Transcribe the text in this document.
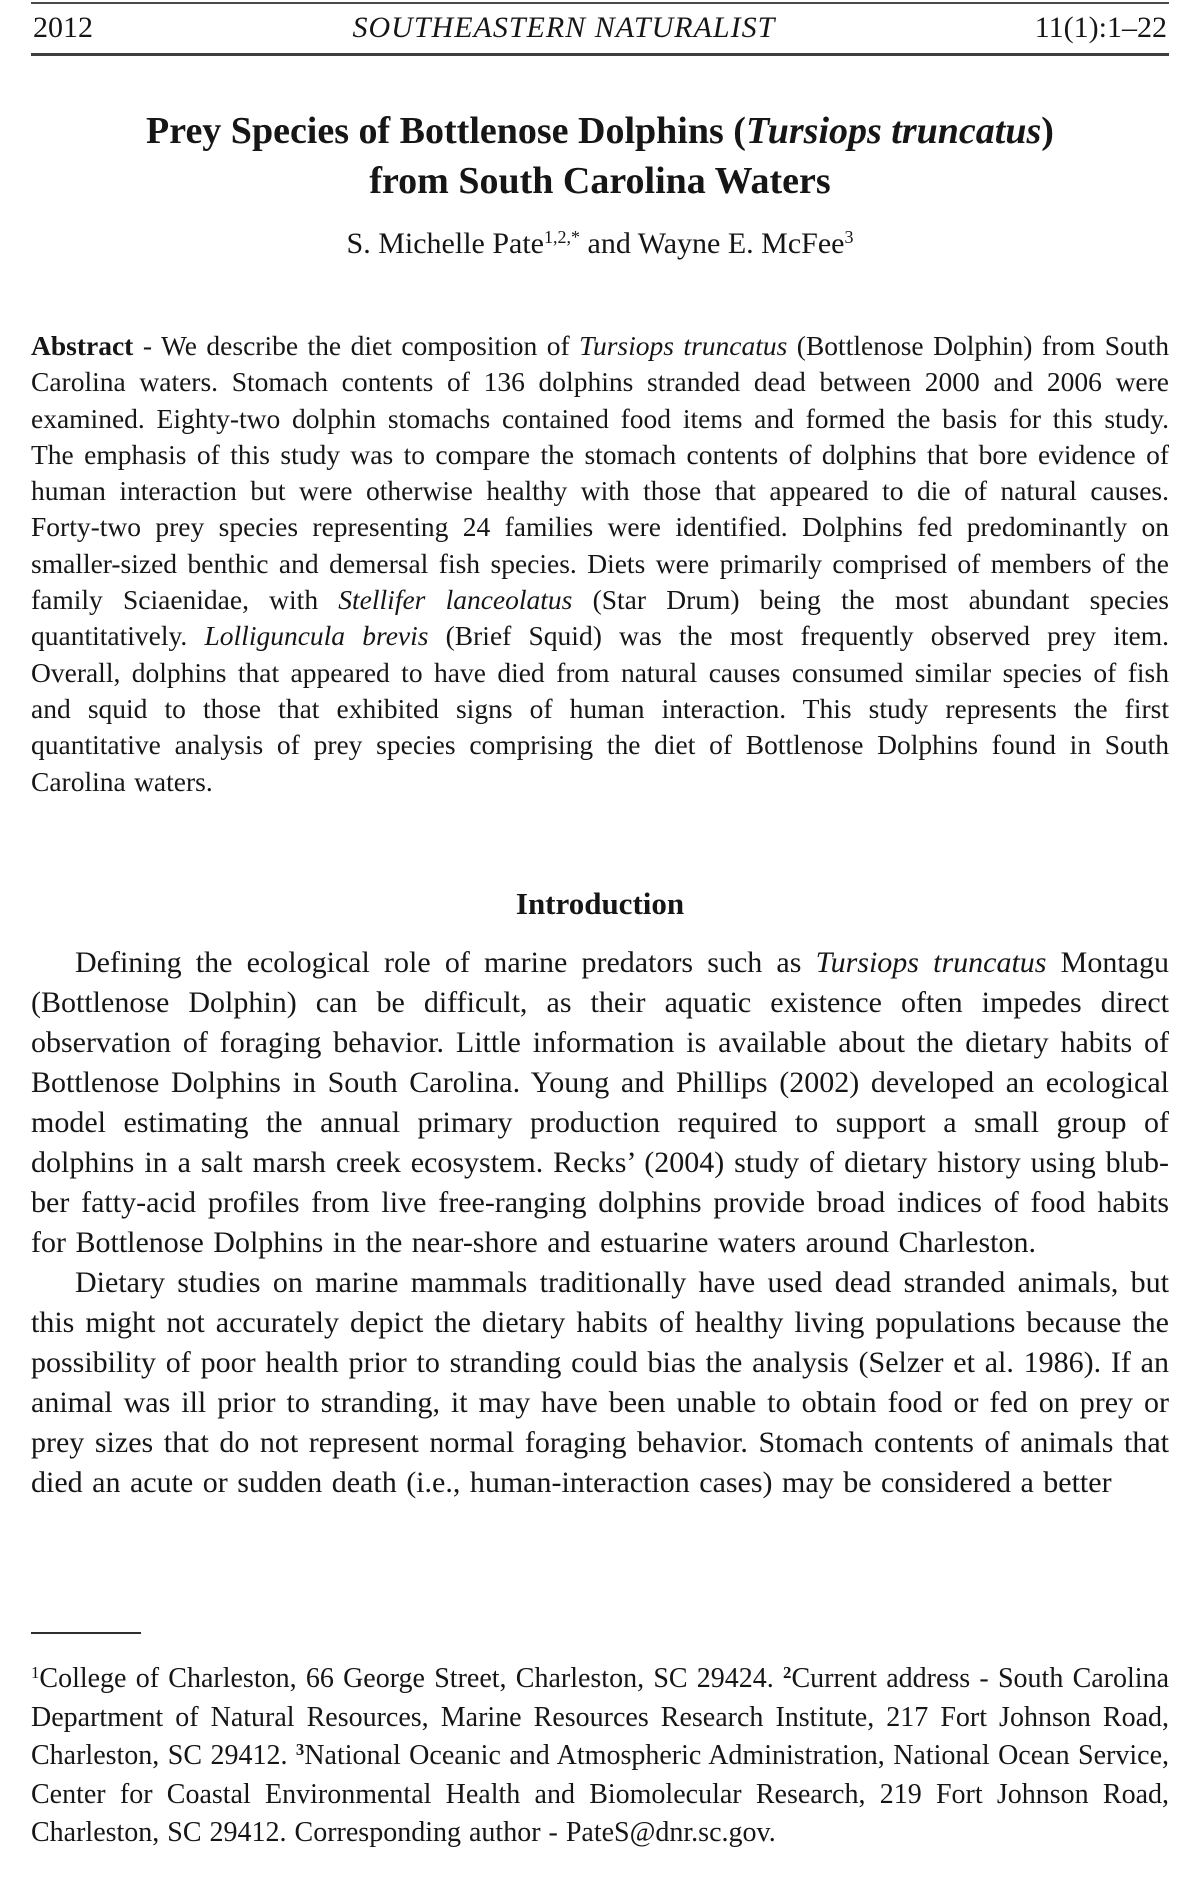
2012	SOUTHEASTERN NATURALIST	11(1):1–22
Prey Species of Bottlenose Dolphins (Tursiops truncatus)
from South Carolina Waters
S. Michelle Pate$^{1,2,*}$ and Wayne E. McFee$^3$

Abstract - We describe the diet composition of Tursiops truncatus (Bottlenose Dolphin) from South Carolina waters. Stomach contents of 136 dolphins stranded dead between 2000 and 2006 were examined. Eighty-two dolphin stomachs contained food items and formed the basis for this study. The emphasis of this study was to compare the stomach contents of dolphins that bore evidence of human interaction but were otherwise healthy with those that appeared to die of natural causes. Forty-two prey species representing 24 families were identified. Dolphins fed predominantly on smaller-sized benthic and demersal fish species. Diets were primarily comprised of members of the family Sciaenidae, with Stellifer lanceolatus (Star Drum) being the most abundant species quantitatively. Lolliguncula brevis (Brief Squid) was the most frequently observed prey item. Overall, dolphins that appeared to have died from natural causes consumed similar species of fish and squid to those that exhibited signs of human interaction. This study represents the first quantitative analysis of prey species comprising the diet of Bottlenose Dolphins found in South Carolina waters.

Introduction

Defining the ecological role of marine predators such as Tursiops truncatus Montagu (Bottlenose Dolphin) can be difficult, as their aquatic existence often impedes direct observation of foraging behavior. Little information is available about the dietary habits of Bottlenose Dolphins in South Carolina. Young and Phillips (2002) developed an ecological model estimating the annual primary production required to support a small group of dolphins in a salt marsh creek ecosystem. Recks’ (2004) study of dietary history using blubber fatty-acid profiles from live free-ranging dolphins provide broad indices of food habits for Bottlenose Dolphins in the near-shore and estuarine waters around Charleston.

Dietary studies on marine mammals traditionally have used dead stranded animals, but this might not accurately depict the dietary habits of healthy living populations because the possibility of poor health prior to stranding could bias the analysis (Selzer et al. 1986). If an animal was ill prior to stranding, it may have been unable to obtain food or fed on prey or prey sizes that do not represent normal foraging behavior. Stomach contents of animals that died an acute or sudden death (i.e., human-interaction cases) may be considered a better

$^1$College of Charleston, 66 George Street, Charleston, SC 29424. $^2$Current address - South Carolina Department of Natural Resources, Marine Resources Research Institute, 217 Fort Johnson Road, Charleston, SC 29412. $^3$National Oceanic and Atmospheric Administration, National Ocean Service, Center for Coastal Environmental Health and Biomolecular Research, 219 Fort Johnson Road, Charleston, SC 29412. Corresponding author - PateS@dnr.sc.gov.
